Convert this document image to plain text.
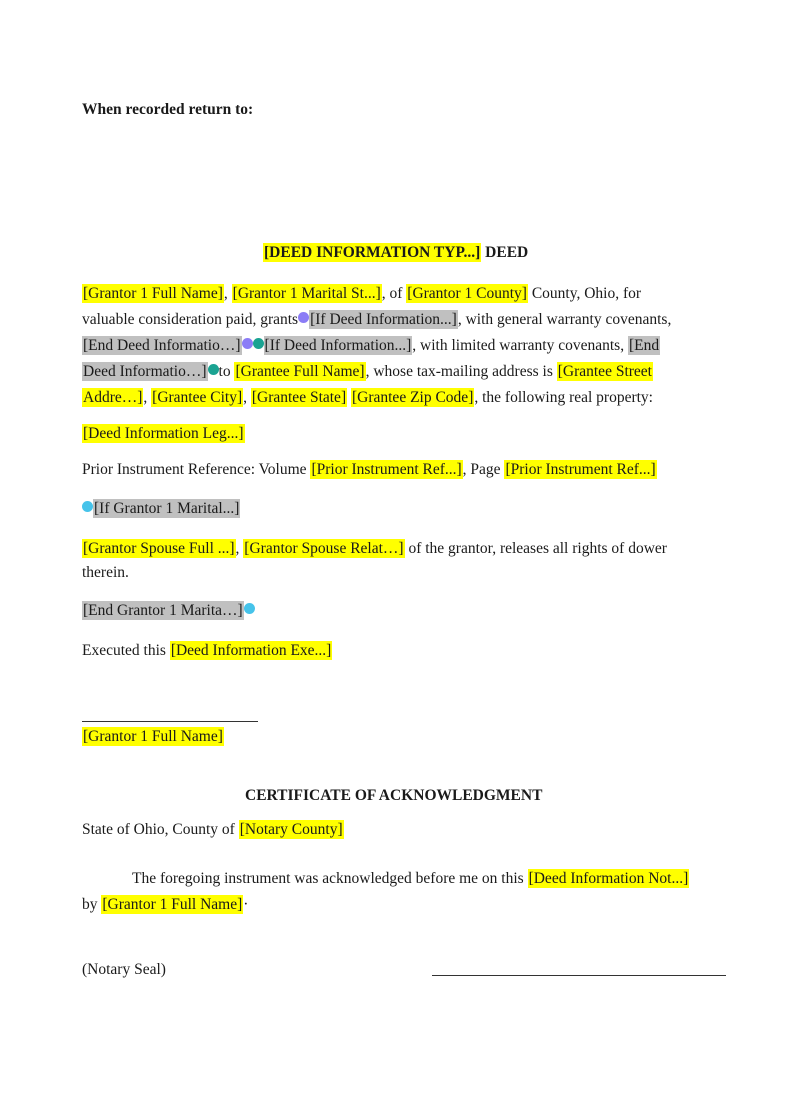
When recorded return to:
[DEED INFORMATION TYP...] DEED
[Grantor 1 Full Name], [Grantor 1 Marital St...], of [Grantor 1 County] County, Ohio, for
valuable consideration paid, grants [If Deed Information...], with general warranty covenants,
[End Deed Informatio…] [If Deed Information...], with limited warranty covenants, [End
Deed Informatio…] to [Grantee Full Name], whose tax-mailing address is [Grantee Street
Addre…], [Grantee City], [Grantee State] [Grantee Zip Code], the following real property:
[Deed Information Leg...]
Prior Instrument Reference: Volume [Prior Instrument Ref...], Page [Prior Instrument Ref...]
[If Grantor 1 Marital...]
[Grantor Spouse Full ...], [Grantor Spouse Relat…] of the grantor, releases all rights of dower
therein.
[End Grantor 1 Marita…]
Executed this [Deed Information Exe...]
[Grantor 1 Full Name]
CERTIFICATE OF ACKNOWLEDGMENT
State of Ohio, County of [Notary County]
The foregoing instrument was acknowledged before me on this [Deed Information Not...]
by [Grantor 1 Full Name]·
(Notary Seal)
